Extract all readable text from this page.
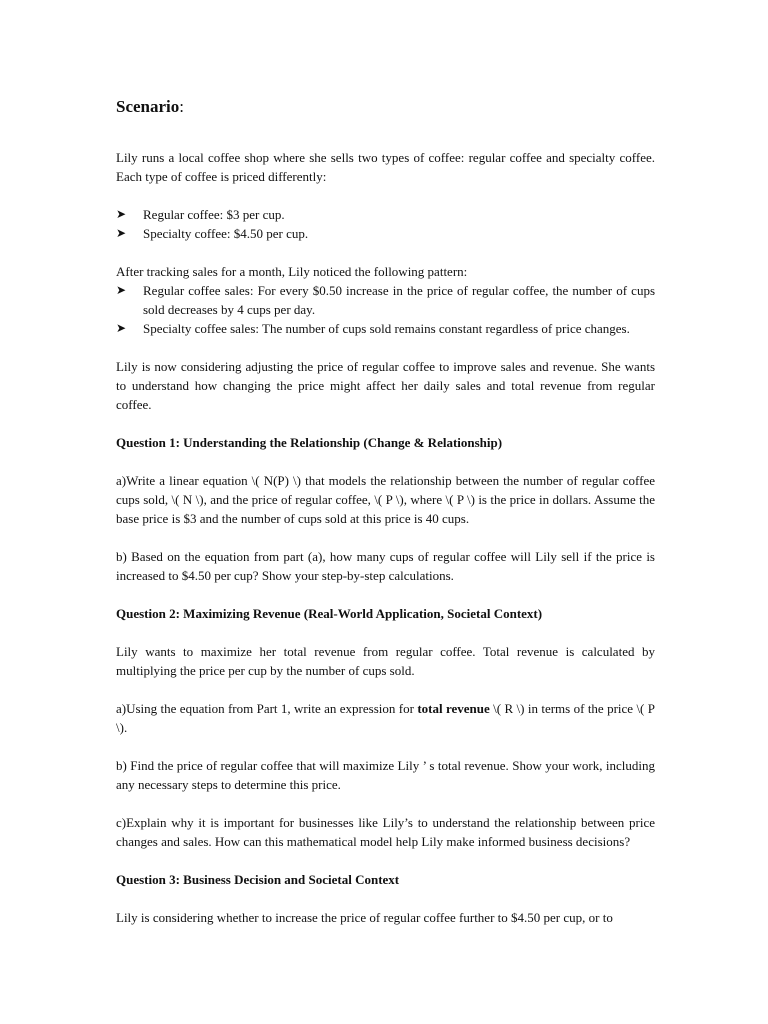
Scenario:

Lily runs a local coffee shop where she sells two types of coffee: regular coffee and specialty coffee. Each type of coffee is priced differently:

➤ Regular coffee: $3 per cup.
➤ Specialty coffee: $4.50 per cup.

After tracking sales for a month, Lily noticed the following pattern:

➤ Regular coffee sales: For every $0.50 increase in the price of regular coffee, the number of cups sold decreases by 4 cups per day.
➤ Specialty coffee sales: The number of cups sold remains constant regardless of price changes.

Lily is now considering adjusting the price of regular coffee to improve sales and revenue. She wants to understand how changing the price might affect her daily sales and total revenue from regular coffee.

Question 1: Understanding the Relationship (Change & Relationship)

a)Write a linear equation \( N(P) \) that models the relationship between the number of regular coffee cups sold, \( N \), and the price of regular coffee, \( P \), where \( P \) is the price in dollars. Assume the base price is $3 and the number of cups sold at this price is 40 cups.

b) Based on the equation from part (a), how many cups of regular coffee will Lily sell if the price is increased to $4.50 per cup? Show your step-by-step calculations.

Question 2: Maximizing Revenue (Real-World Application, Societal Context)

Lily wants to maximize her total revenue from regular coffee. Total revenue is calculated by multiplying the price per cup by the number of cups sold.

a)Using the equation from Part 1, write an expression for total revenue \( R \) in terms of the price \( P \).

b) Find the price of regular coffee that will maximize Lily ’ s total revenue. Show your work, including any necessary steps to determine this price.

c)Explain why it is important for businesses like Lily’s to understand the relationship between price changes and sales. How can this mathematical model help Lily make informed business decisions?

Question 3: Business Decision and Societal Context

Lily is considering whether to increase the price of regular coffee further to $4.50 per cup, or to
